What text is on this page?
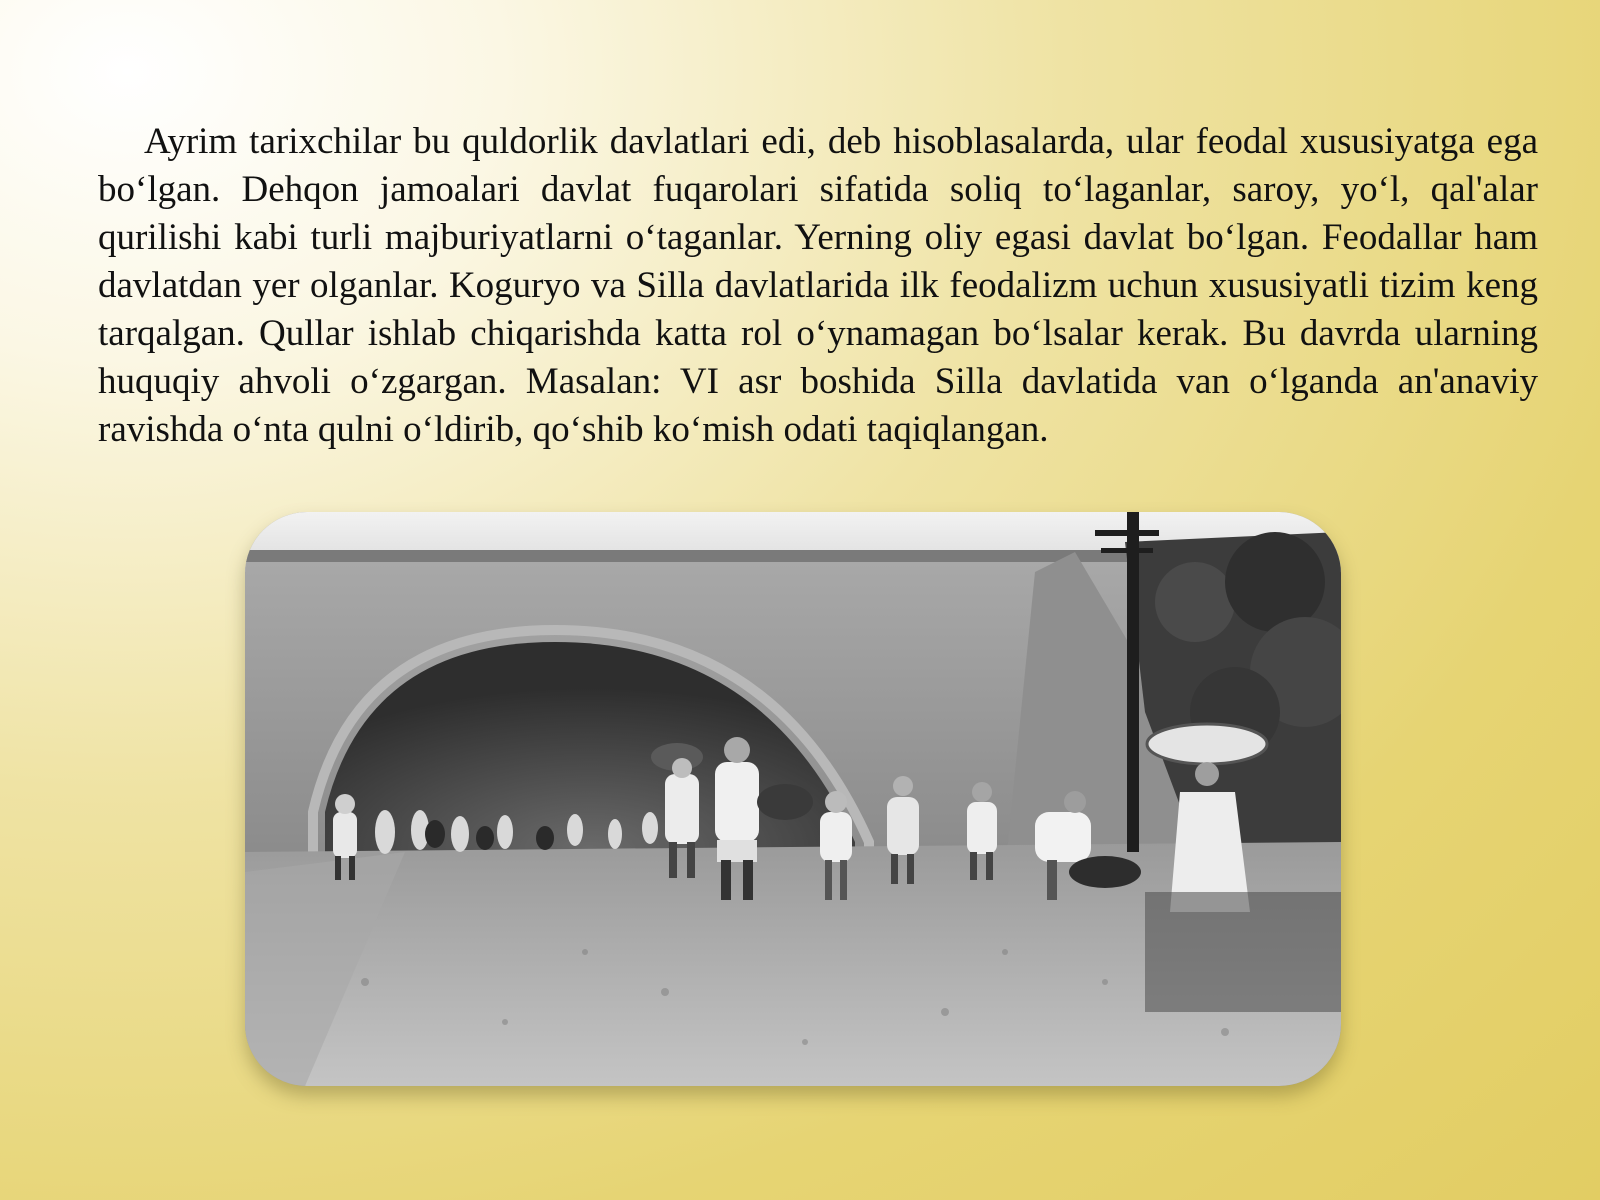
Ayrim tarixchilar bu quldorlik davlatlari edi, deb hisoblasalarda, ular feodal xususiyatga ega bo‘lgan. Dehqon jamoalari davlat fuqarolari sifatida soliq to‘laganlar, saroy, yo‘l, qal'alar qurilishi kabi turli majburiyatlarni o‘taganlar. Yerning oliy egasi davlat bo‘lgan. Feodallar ham davlatdan yer olganlar. Koguryo va Silla davlatlarida ilk feodalizm uchun xususiyatli tizim keng tarqalgan. Qullar ishlab chiqarishda katta rol o‘ynamagan bo‘lsalar kerak. Bu davrda ularning huquqiy ahvoli o‘zgargan. Masalan: VI asr boshida Silla davlatida van o‘lganda an'anaviy ravishda o‘nta qulni o‘ldirib, qo‘shib ko‘mish odati taqiqlangan.
